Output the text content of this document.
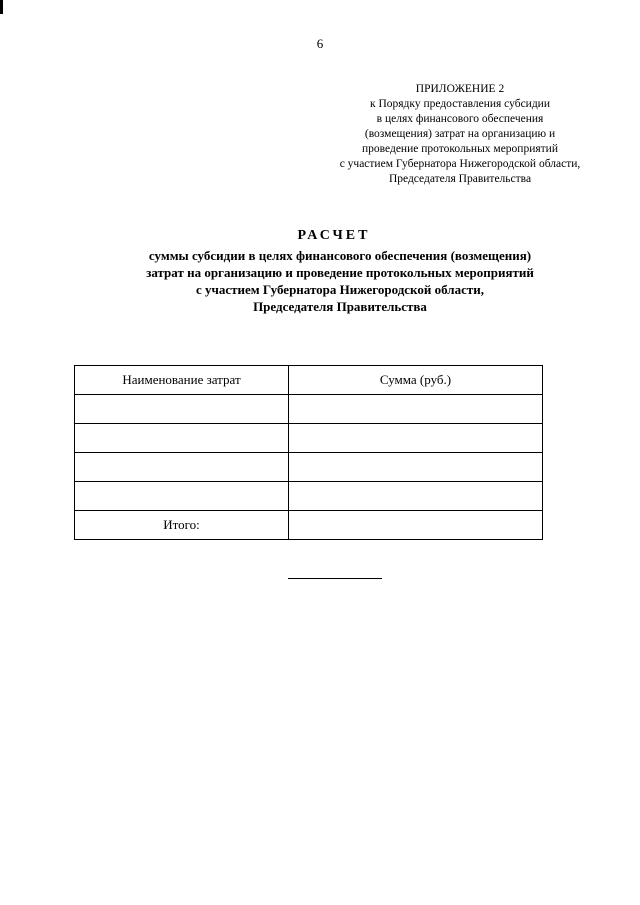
6
ПРИЛОЖЕНИЕ 2
к Порядку предоставления субсидии
в целях финансового обеспечения
(возмещения) затрат на организацию и
проведение протокольных мероприятий
с участием Губернатора Нижегородской области,
Председателя Правительства
РАСЧЕТ
суммы субсидии в целях финансового обеспечения (возмещения)
затрат на организацию и проведение протокольных мероприятий
с участием Губернатора Нижегородской области,
Председателя Правительства
Наименование затрат	Сумма (руб.)

Итого:	
